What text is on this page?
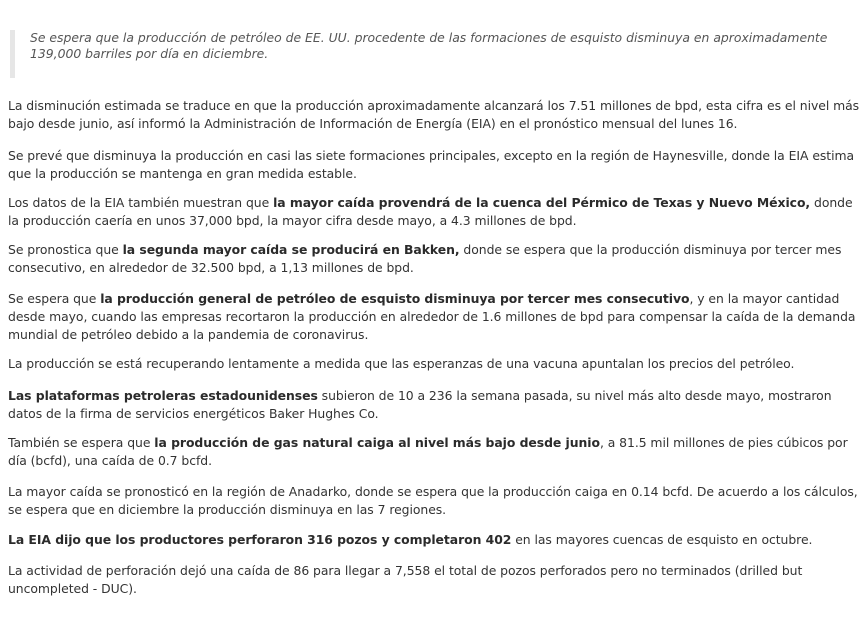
Se espera que la producción de petróleo de EE. UU. procedente de las formaciones de esquisto disminuya en aproximadamente 139,000 barriles por día en diciembre.

La disminución estimada se traduce en que la producción aproximadamente alcanzará los 7.51 millones de bpd, esta cifra es el nivel más bajo desde junio, así informó la Administración de Información de Energía (EIA) en el pronóstico mensual del lunes 16.

Se prevé que disminuya la producción en casi las siete formaciones principales, excepto en la región de Haynesville, donde la EIA estima que la producción se mantenga en gran medida estable.

Los datos de la EIA también muestran que la mayor caída provendrá de la cuenca del Pérmico de Texas y Nuevo México, donde la producción caería en unos 37,000 bpd, la mayor cifra desde mayo, a 4.3 millones de bpd.

Se pronostica que la segunda mayor caída se producirá en Bakken, donde se espera que la producción disminuya por tercer mes consecutivo, en alrededor de 32.500 bpd, a 1,13 millones de bpd.

Se espera que la producción general de petróleo de esquisto disminuya por tercer mes consecutivo, y en la mayor cantidad desde mayo, cuando las empresas recortaron la producción en alrededor de 1.6 millones de bpd para compensar la caída de la demanda mundial de petróleo debido a la pandemia de coronavirus.

La producción se está recuperando lentamente a medida que las esperanzas de una vacuna apuntalan los precios del petróleo.

Las plataformas petroleras estadounidenses subieron de 10 a 236 la semana pasada, su nivel más alto desde mayo, mostraron datos de la firma de servicios energéticos Baker Hughes Co.

También se espera que la producción de gas natural caiga al nivel más bajo desde junio, a 81.5 mil millones de pies cúbicos por día (bcfd), una caída de 0.7 bcfd.

La mayor caída se pronosticó en la región de Anadarko, donde se espera que la producción caiga en 0.14 bcfd. De acuerdo a los cálculos, se espera que en diciembre la producción disminuya en las 7 regiones.

La EIA dijo que los productores perforaron 316 pozos y completaron 402 en las mayores cuencas de esquisto en octubre.

La actividad de perforación dejó una caída de 86 para llegar a 7,558 el total de pozos perforados pero no terminados (drilled but uncompleted - DUC).
